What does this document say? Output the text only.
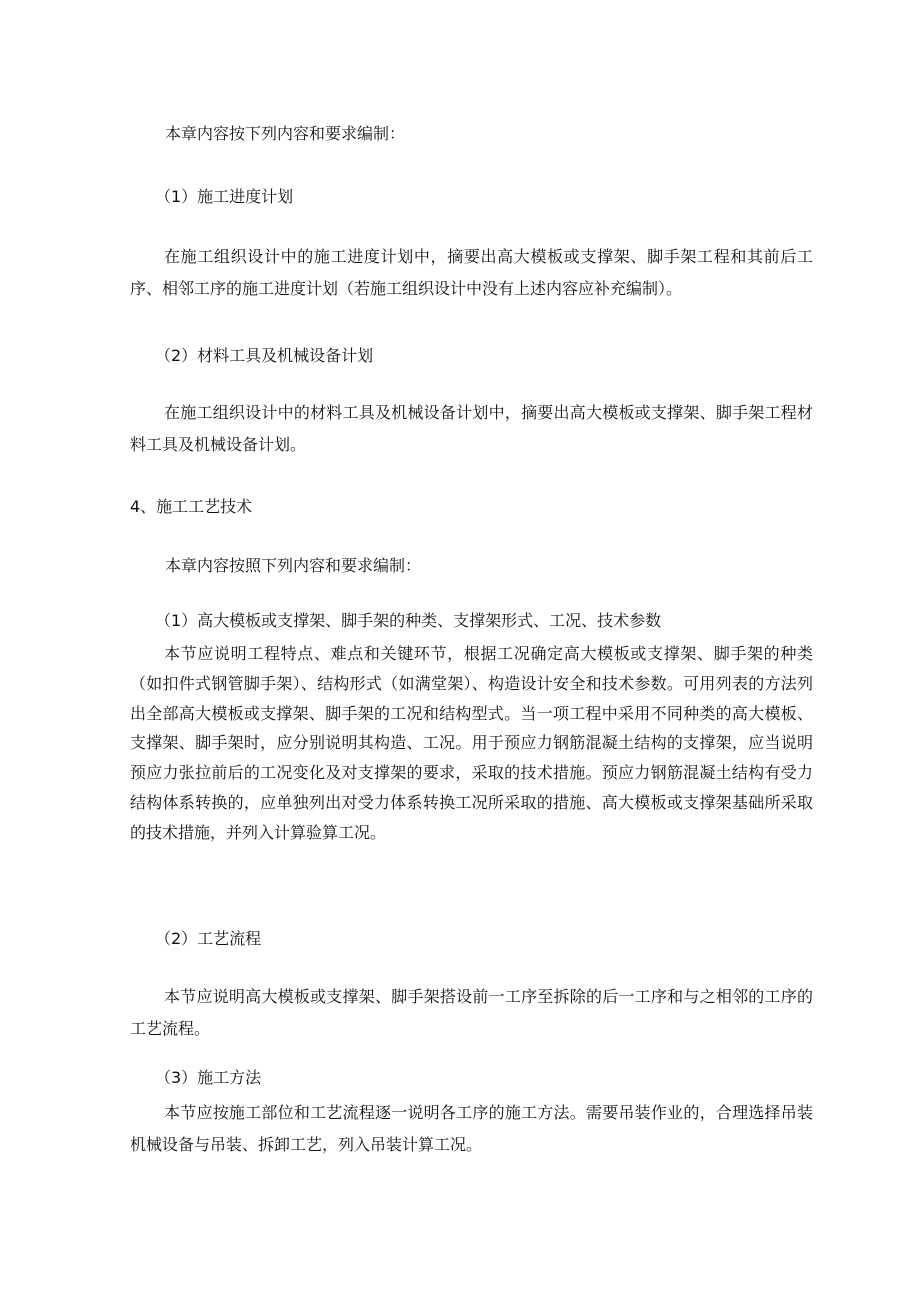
本章内容按下列内容和要求编制：
（1）施工进度计划
在施工组织设计中的施工进度计划中，摘要出高大模板或支撑架、脚手架工程和其前后工序、相邻工序的施工进度计划（若施工组织设计中没有上述内容应补充编制）。
（2）材料工具及机械设备计划
在施工组织设计中的材料工具及机械设备计划中，摘要出高大模板或支撑架、脚手架工程材料工具及机械设备计划。
4、施工工艺技术
本章内容按照下列内容和要求编制：
（1）高大模板或支撑架、脚手架的种类、支撑架形式、工况、技术参数
本节应说明工程特点、难点和关键环节，根据工况确定高大模板或支撑架、脚手架的种类（如扣件式钢管脚手架）、结构形式（如满堂架）、构造设计安全和技术参数。可用列表的方法列出全部高大模板或支撑架、脚手架的工况和结构型式。当一项工程中采用不同种类的高大模板、支撑架、脚手架时，应分别说明其构造、工况。用于预应力钢筋混凝土结构的支撑架，应当说明预应力张拉前后的工况变化及对支撑架的要求，采取的技术措施。预应力钢筋混凝土结构有受力结构体系转换的，应单独列出对受力体系转换工况所采取的措施、高大模板或支撑架基础所采取的技术措施，并列入计算验算工况。
（2）工艺流程
本节应说明高大模板或支撑架、脚手架搭设前一工序至拆除的后一工序和与之相邻的工序的工艺流程。
（3）施工方法
本节应按施工部位和工艺流程逐一说明各工序的施工方法。需要吊装作业的，合理选择吊装机械设备与吊装、拆卸工艺，列入吊装计算工况。
